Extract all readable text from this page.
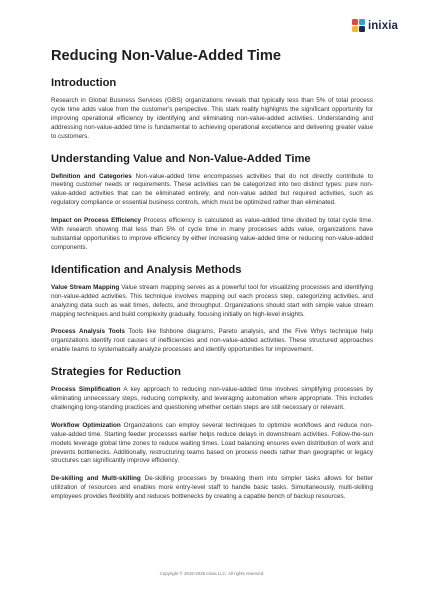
inixia
Reducing Non-Value-Added Time
Introduction

Research in Global Business Services (GBS) organizations reveals that typically less than 5% of total process cycle time adds value from the customer's perspective. This stark reality highlights the significant opportunity for improving operational efficiency by identifying and eliminating non-value-added activities. Understanding and addressing non-value-added time is fundamental to achieving operational excellence and delivering greater value to customers.

Understanding Value and Non-Value-Added Time

Definition and Categories Non-value-added time encompasses activities that do not directly contribute to meeting customer needs or requirements. These activities can be categorized into two distinct types: pure non-value-added activities that can be eliminated entirely, and non-value added but required activities, such as regulatory compliance or essential business controls, which must be optimized rather than eliminated.

Impact on Process Efficiency Process efficiency is calculated as value-added time divided by total cycle time. With research showing that less than 5% of cycle time in many processes adds value, organizations have substantial opportunities to improve efficiency by either increasing value-added time or reducing non-value-added components.

Identification and Analysis Methods

Value Stream Mapping Value stream mapping serves as a powerful tool for visualizing processes and identifying non-value-added activities. This technique involves mapping out each process step, categorizing activities, and analyzing data such as wait times, defects, and throughput. Organizations should start with simple value stream mapping techniques and build complexity gradually, focusing initially on high-level insights.

Process Analysis Tools Tools like fishbone diagrams, Pareto analysis, and the Five Whys technique help organizations identify root causes of inefficiencies and non-value-added activities. These structured approaches enable teams to systematically analyze processes and identify opportunities for improvement.

Strategies for Reduction

Process Simplification A key approach to reducing non-value-added time involves simplifying processes by eliminating unnecessary steps, reducing complexity, and leveraging automation where appropriate. This includes challenging long-standing practices and questioning whether certain steps are still necessary or relevant.

Workflow Optimization Organizations can employ several techniques to optimize workflows and reduce non-value-added time. Starting feeder processes earlier helps reduce delays in downstream activities. Follow-the-sun models leverage global time zones to reduce waiting times. Load balancing ensures even distribution of work and prevents bottlenecks. Additionally, restructuring teams based on process needs rather than geographic or legacy structures can significantly improve efficiency.

De-skilling and Multi-skilling De-skilling processes by breaking them into simpler tasks allows for better utilization of resources and enables more entry-level staff to handle basic tasks. Simultaneously, multi-skilling employees provides flexibility and reduces bottlenecks by creating a capable bench of backup resources.

Copyright © 2016-2025 Inixia LLC. All rights reserved.
